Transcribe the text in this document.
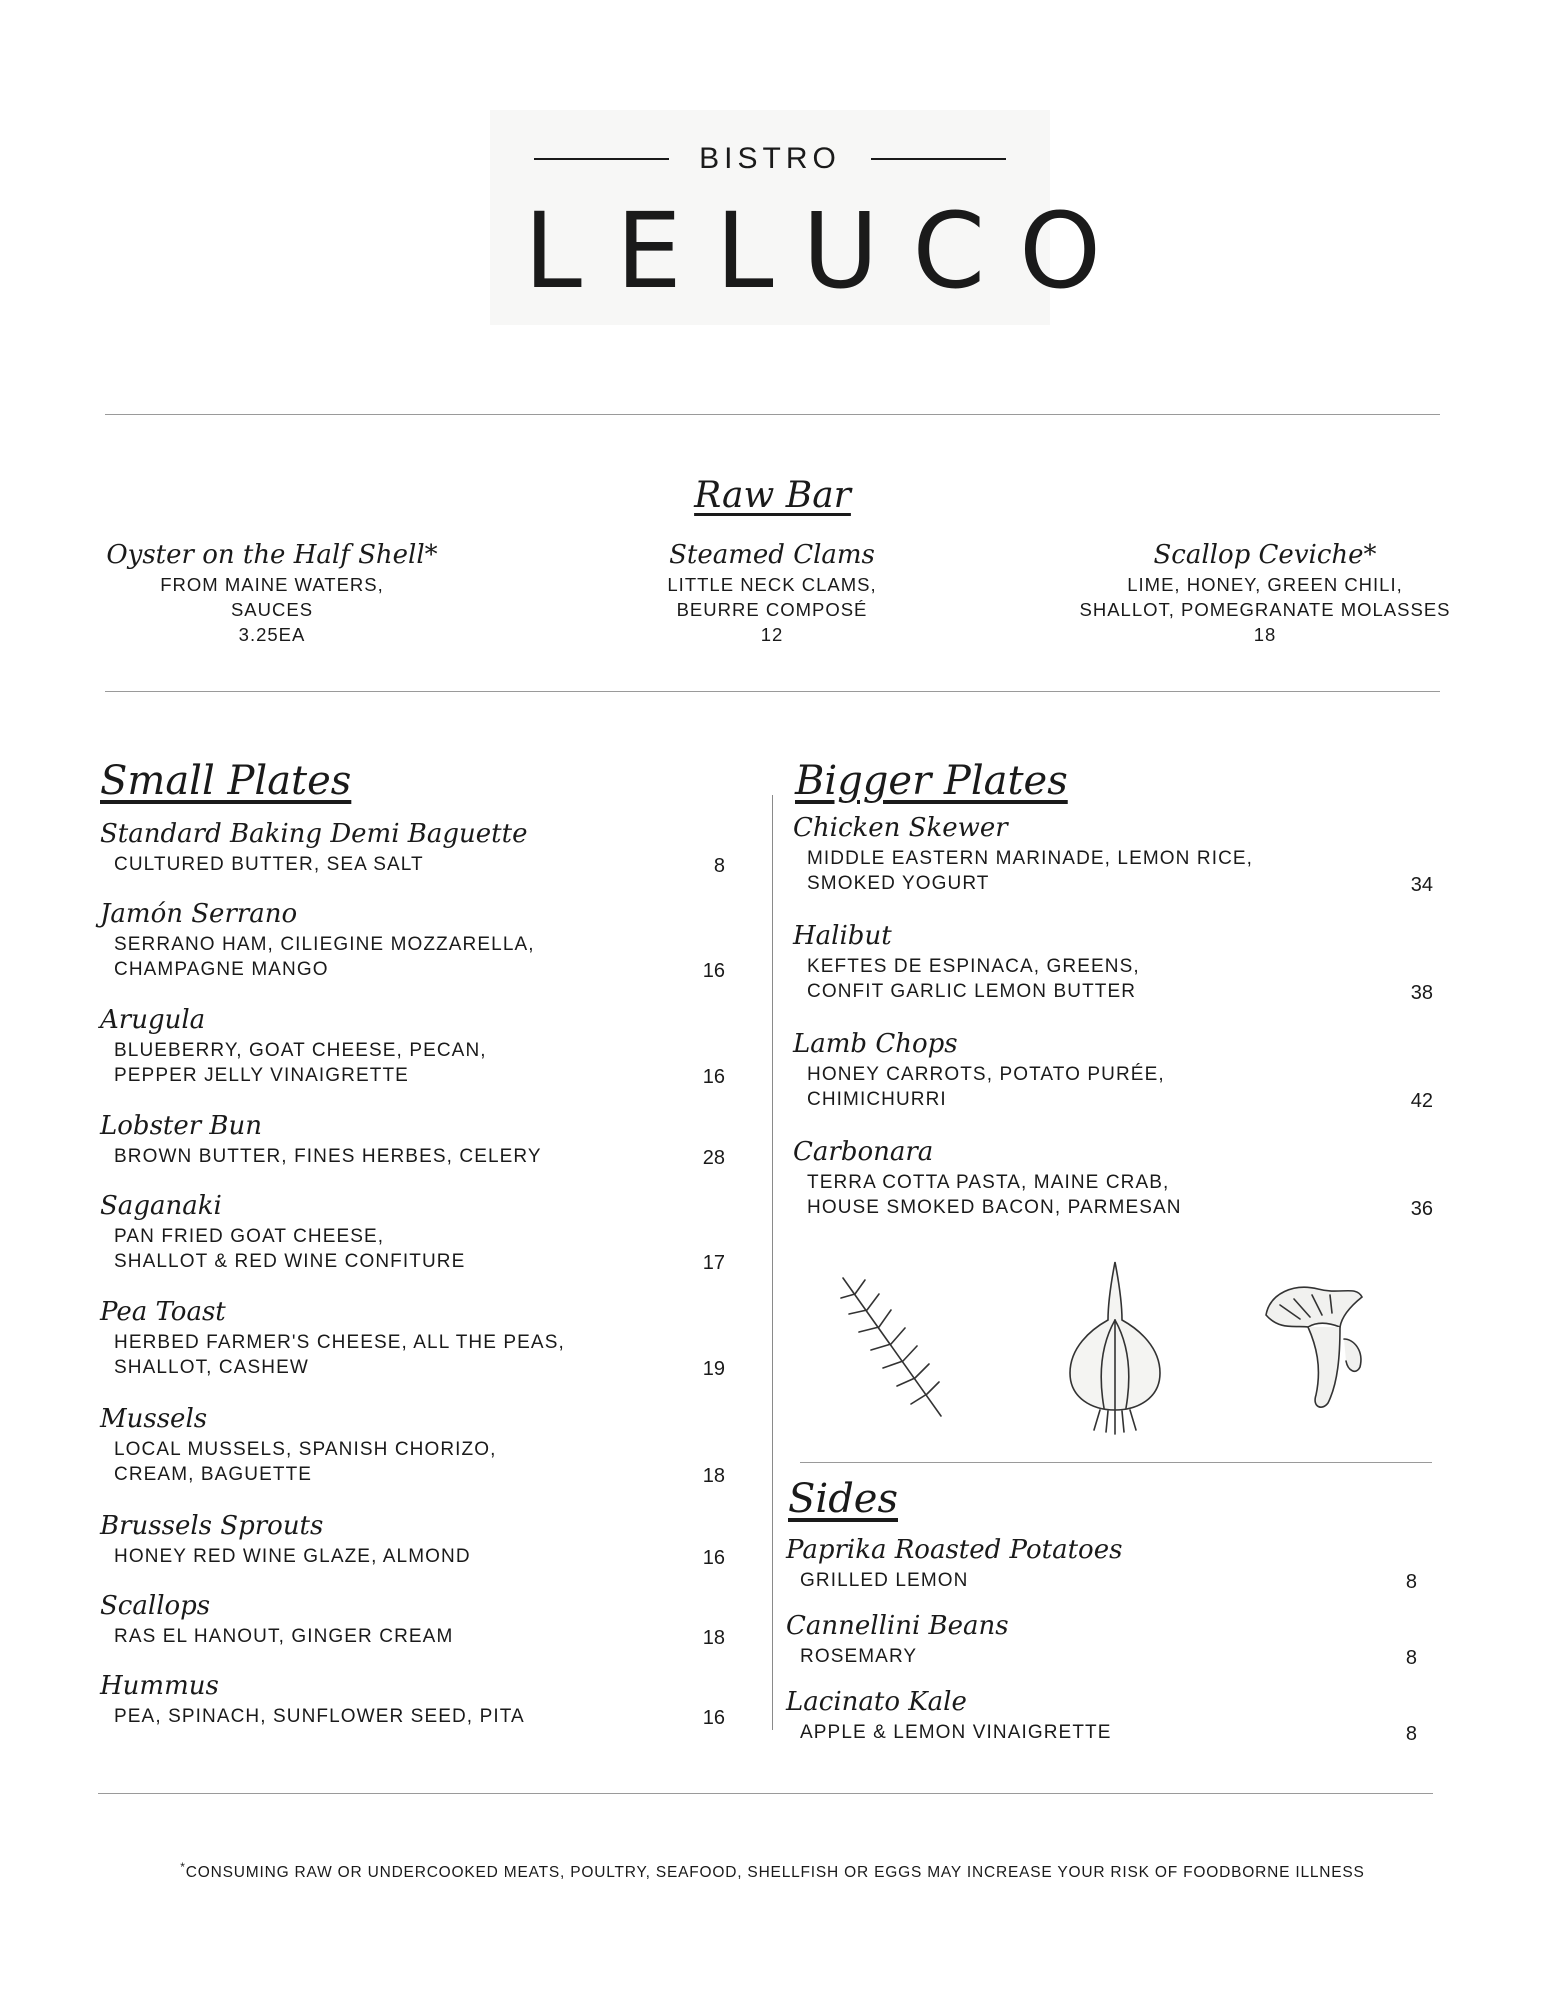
BISTRO
LELUCO
Raw Bar
Oyster on the Half Shell*
FROM MAINE WATERS,
SAUCES
3.25EA
Steamed Clams
LITTLE NECK CLAMS,
BEURRE COMPOSÉ
12
Scallop Ceviche*
LIME, HONEY, GREEN CHILI,
SHALLOT, POMEGRANATE MOLASSES
18
Small Plates
Standard Baking Demi Baguette
CULTURED BUTTER, SEA SALT	8
Jamón Serrano
SERRANO HAM, CILIEGINE MOZZARELLA,
CHAMPAGNE MANGO	16
Arugula
BLUEBERRY, GOAT CHEESE, PECAN,
PEPPER JELLY VINAIGRETTE	16
Lobster Bun
BROWN BUTTER, FINES HERBES, CELERY	28
Saganaki
PAN FRIED GOAT CHEESE,
SHALLOT & RED WINE CONFITURE	17
Pea Toast
HERBED FARMER'S CHEESE, ALL THE PEAS,
SHALLOT, CASHEW	19
Mussels
LOCAL MUSSELS, SPANISH CHORIZO,
CREAM, BAGUETTE	18
Brussels Sprouts
HONEY RED WINE GLAZE, ALMOND	16
Scallops
RAS EL HANOUT, GINGER CREAM	18
Hummus
PEA, SPINACH, SUNFLOWER SEED, PITA	16
Bigger Plates
Chicken Skewer
MIDDLE EASTERN MARINADE, LEMON RICE,
SMOKED YOGURT	34
Halibut
KEFTES DE ESPINACA, GREENS,
CONFIT GARLIC LEMON BUTTER	38
Lamb Chops
HONEY CARROTS, POTATO PURÉE,
CHIMICHURRI	42
Carbonara
TERRA COTTA PASTA, MAINE CRAB,
HOUSE SMOKED BACON, PARMESAN	36
Sides
Paprika Roasted Potatoes
GRILLED LEMON	8
Cannellini Beans
ROSEMARY	8
Lacinato Kale
APPLE & LEMON VINAIGRETTE	8
*CONSUMING RAW OR UNDERCOOKED MEATS, POULTRY, SEAFOOD, SHELLFISH OR EGGS MAY INCREASE YOUR RISK OF FOODBORNE ILLNESS
